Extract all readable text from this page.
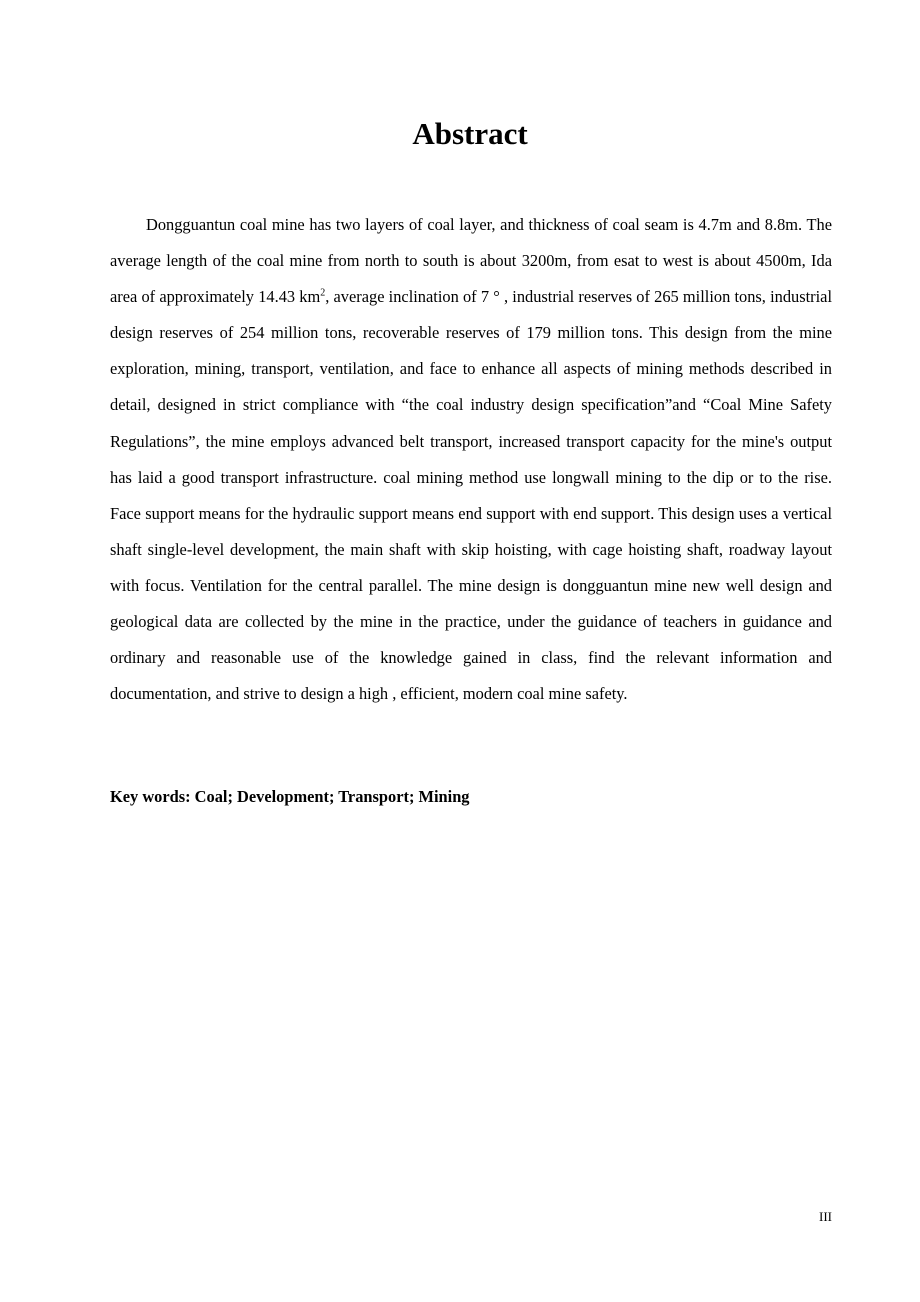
Abstract

Dongguantun coal mine has two layers of coal layer, and thickness of coal seam is 4.7m and 8.8m. The average length of the coal mine from north to south is about 3200m, from esat to west is about 4500m, Ida area of approximately 14.43 $km^2$, average inclination of 7 ° , industrial reserves of 265 million tons, industrial design reserves of 254 million tons, recoverable reserves of 179 million tons. This design from the mine exploration, mining, transport, ventilation, and face to enhance all aspects of mining methods described in detail, designed in strict compliance with “the coal industry design specification”and “Coal Mine Safety Regulations”, the mine employs advanced belt transport, increased transport capacity for the mine's output has laid a good transport infrastructure. coal mining method use longwall mining to the dip or to the rise. Face support means for the hydraulic support means end support with end support. This design uses a vertical shaft single-level development, the main shaft with skip hoisting, with cage hoisting shaft, roadway layout with focus. Ventilation for the central parallel. The mine design is dongguantun mine new well design and geological data are collected by the mine in the practice, under the guidance of teachers in guidance and ordinary and reasonable use of the knowledge gained in class, find the relevant information and documentation, and strive to design a high , efficient, modern coal mine safety.

Key words: Coal; Development; Transport; Mining

III
